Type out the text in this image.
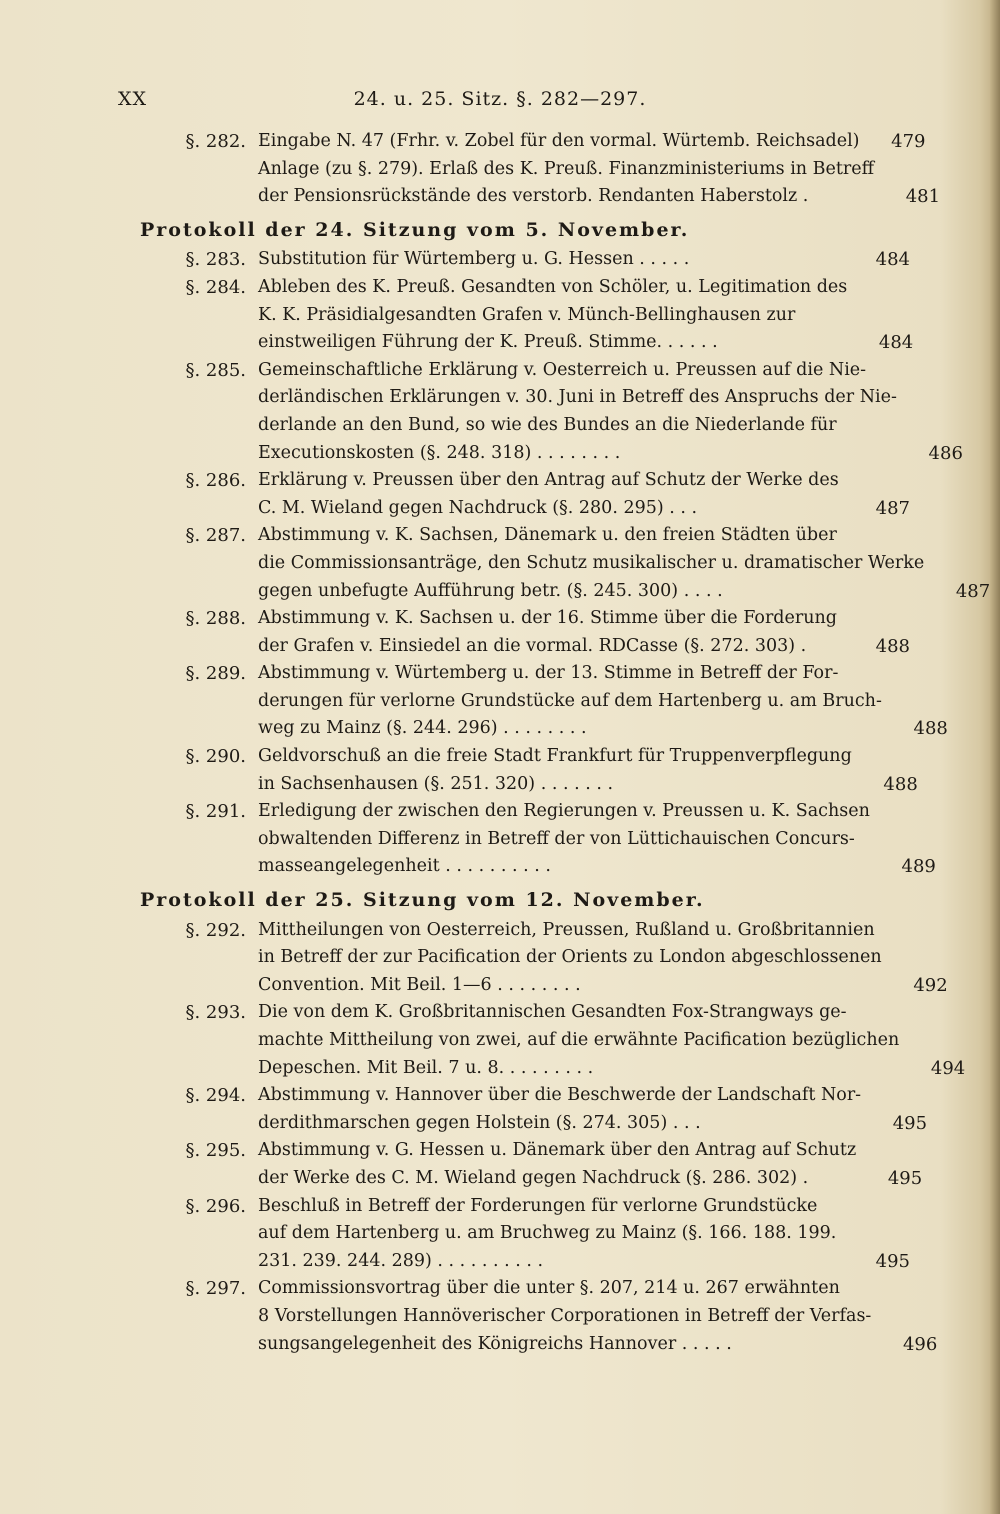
24. u. 25. Sitz. §. 282—297.
XX
§. 282. Eingabe N. 47 (Frhr. v. Zobel für den vormal. Würtemb. Reichsadel)	479
Anlage (zu §. 279). Erlaß des K. Preuß. Finanzministeriums in Betreff
der Pensionsrückstände des verstorb. Rendanten Haberstolz .	481
Protokoll der 24. Sitzung vom 5. November.
§. 283. Substitution für Würtemberg u. G. Hessen . . . . .	484
§. 284. Ableben des K. Preuß. Gesandten von Schöler, u. Legitimation des
K. K. Präsidialgesandten Grafen v. Münch-Bellinghausen zur
einstweiligen Führung der K. Preuß. Stimme. . . . . .	484
§. 285. Gemeinschaftliche Erklärung v. Oesterreich u. Preussen auf die Nie-
derländischen Erklärungen v. 30. Juni in Betreff des Anspruchs der Nie-
derlande an den Bund, so wie des Bundes an die Niederlande für
Executionskosten (§. 248. 318) . . . . . . . .	486
§. 286. Erklärung v. Preussen über den Antrag auf Schutz der Werke des
C. M. Wieland gegen Nachdruck (§. 280. 295) . . .	487
§. 287. Abstimmung v. K. Sachsen, Dänemark u. den freien Städten über
die Commissionsanträge, den Schutz musikalischer u. dramatischer Werke
gegen unbefugte Aufführung betr. (§. 245. 300) . . . .	487
§. 288. Abstimmung v. K. Sachsen u. der 16. Stimme über die Forderung
der Grafen v. Einsiedel an die vormal. RDCasse (§. 272. 303) .	488
§. 289. Abstimmung v. Würtemberg u. der 13. Stimme in Betreff der For-
derungen für verlorne Grundstücke auf dem Hartenberg u. am Bruch-
weg zu Mainz (§. 244. 296) . . . . . . . .	488
§. 290. Geldvorschuß an die freie Stadt Frankfurt für Truppenverpflegung
in Sachsenhausen (§. 251. 320) . . . . . . .	488
§. 291. Erledigung der zwischen den Regierungen v. Preussen u. K. Sachsen
obwaltenden Differenz in Betreff der von Lüttichauischen Concurs-
masseangelegenheit . . . . . . . . . .	489
Protokoll der 25. Sitzung vom 12. November.
§. 292. Mittheilungen von Oesterreich, Preussen, Rußland u. Großbritannien
in Betreff der zur Pacification der Orients zu London abgeschlossenen
Convention. Mit Beil. 1—6 . . . . . . . .	492
§. 293. Die von dem K. Großbritannischen Gesandten Fox-Strangways ge-
machte Mittheilung von zwei, auf die erwähnte Pacification bezüglichen
Depeschen. Mit Beil. 7 u. 8. . . . . . . . .	494
§. 294. Abstimmung v. Hannover über die Beschwerde der Landschaft Nor-
derdithmarschen gegen Holstein (§. 274. 305) . . .	495
§. 295. Abstimmung v. G. Hessen u. Dänemark über den Antrag auf Schutz
der Werke des C. M. Wieland gegen Nachdruck (§. 286. 302) .	495
§. 296. Beschluß in Betreff der Forderungen für verlorne Grundstücke
auf dem Hartenberg u. am Bruchweg zu Mainz (§. 166. 188. 199.
231. 239. 244. 289) . . . . . . . . . .	495
§. 297. Commissionsvortrag über die unter §. 207, 214 u. 267 erwähnten
8 Vorstellungen Hannöverischer Corporationen in Betreff der Verfas-
sungsangelegenheit des Königreichs Hannover . . . . .	496
